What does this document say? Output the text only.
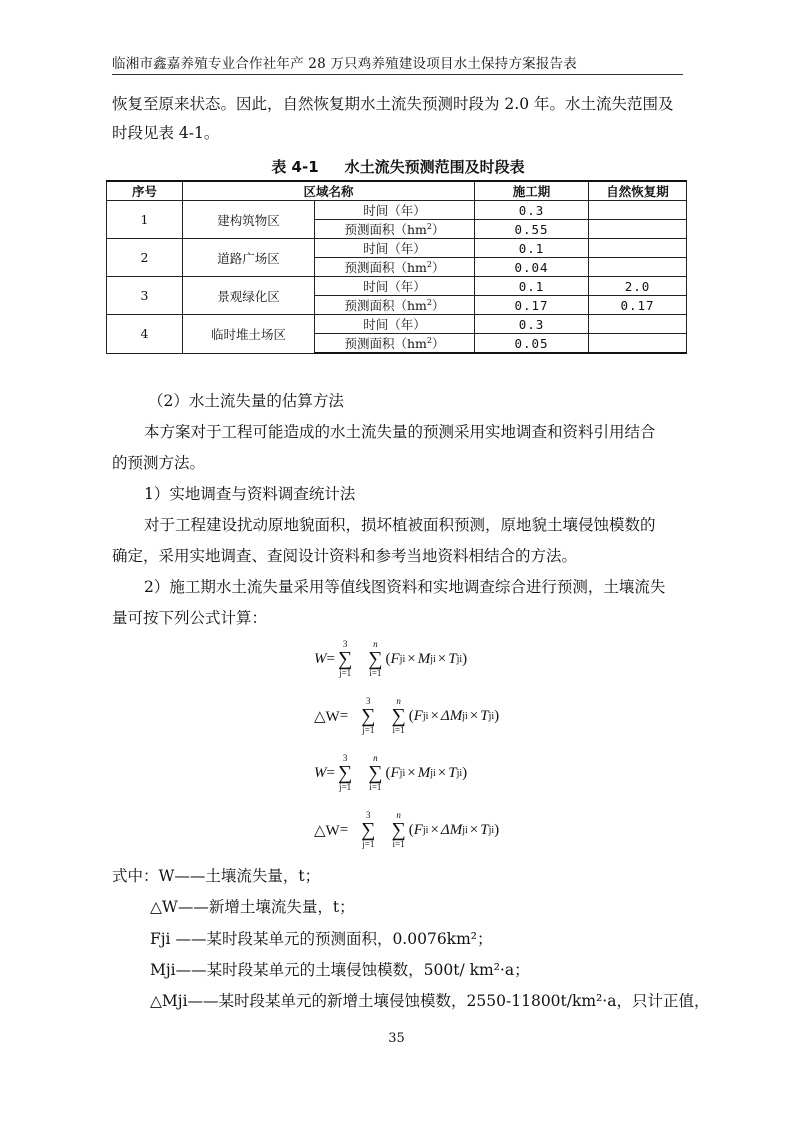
临湘市鑫嘉养殖专业合作社年产 28 万只鸡养殖建设项目水土保持方案报告表
恢复至原来状态。因此，自然恢复期水土流失预测时段为 2.0 年。水土流失范围及
时段见表 4-1。
表 4-1 水土流失预测范围及时段表
序号	区域名称		施工期	自然恢复期
1	建构筑物区	时间（年）	0.3	
		预测面积$(hm^2)$	0.55	
2	道路广场区	时间（年）	0.1	
		预测面积$(hm^2)$	0.04	
3	景观绿化区	时间（年）	0.1	2.0
		预测面积$(hm^2)$	0.17	0.17
4	临时堆土场区	时间（年）	0.3	
		预测面积$(hm^2)$	0.05	
（2）水土流失量的估算方法
本方案对于工程可能造成的水土流失量的预测采用实地调查和资料引用结合
的预测方法。
1）实地调查与资料调查统计法
对于工程建设扰动原地貌面积，损坏植被面积预测，原地貌土壤侵蚀模数的
确定，采用实地调查、查阅设计资料和参考当地资料相结合的方法。
2）施工期水土流失量采用等值线图资料和实地调查综合进行预测，土壤流失
量可按下列公式计算：
W =
3
∑
j=1
n
∑
i=1
( F ji × M ji × T ji )
△W =
3
∑
j=1
n
∑
i=1
( F ji × ΔM ji × T ji )
W =
3
∑
j=1
n
∑
i=1
( F ji × M ji × T ji )
△W =
3
∑
j=1
n
∑
i=1
( F ji × ΔM ji × T ji )
式中：W——土壤流失量，t；
△W——新增土壤流失量，t；
Fji ——某时段某单元的预测面积，0.0076km²；
Mji——某时段某单元的土壤侵蚀模数，500t/ km²·a；
△Mji——某时段某单元的新增土壤侵蚀模数，2550-11800t/km²·a，只计正值，
35
